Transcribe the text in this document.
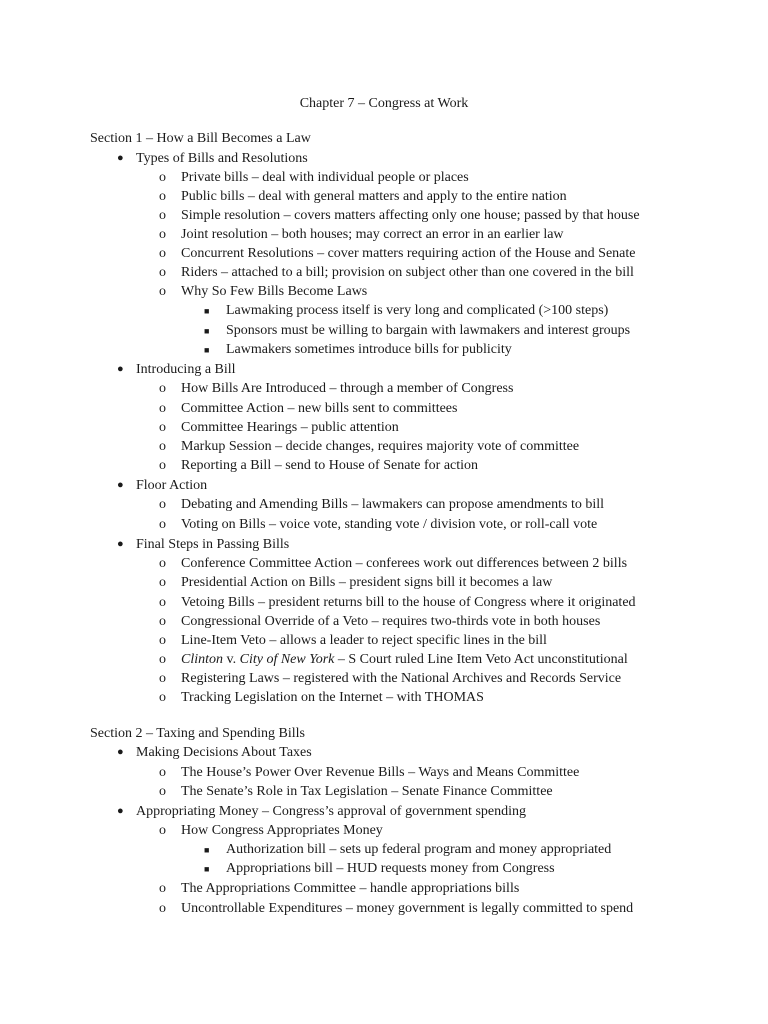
Chapter 7 – Congress at Work
Section 1 – How a Bill Becomes a Law
● Types of Bills and Resolutions
o Private bills – deal with individual people or places
o Public bills – deal with general matters and apply to the entire nation
o Simple resolution – covers matters affecting only one house; passed by that house
o Joint resolution – both houses; may correct an error in an earlier law
o Concurrent Resolutions – cover matters requiring action of the House and Senate
o Riders – attached to a bill; provision on subject other than one covered in the bill
o Why So Few Bills Become Laws
■ Lawmaking process itself is very long and complicated (>100 steps)
■ Sponsors must be willing to bargain with lawmakers and interest groups
■ Lawmakers sometimes introduce bills for publicity
● Introducing a Bill
o How Bills Are Introduced – through a member of Congress
o Committee Action – new bills sent to committees
o Committee Hearings – public attention
o Markup Session – decide changes, requires majority vote of committee
o Reporting a Bill – send to House of Senate for action
● Floor Action
o Debating and Amending Bills – lawmakers can propose amendments to bill
o Voting on Bills – voice vote, standing vote / division vote, or roll-call vote
● Final Steps in Passing Bills
o Conference Committee Action – conferees work out differences between 2 bills
o Presidential Action on Bills – president signs bill it becomes a law
o Vetoing Bills – president returns bill to the house of Congress where it originated
o Congressional Override of a Veto – requires two-thirds vote in both houses
o Line-Item Veto – allows a leader to reject specific lines in the bill
o Clinton v. City of New York – S Court ruled Line Item Veto Act unconstitutional
o Registering Laws – registered with the National Archives and Records Service
o Tracking Legislation on the Internet – with THOMAS
Section 2 – Taxing and Spending Bills
● Making Decisions About Taxes
o The House’s Power Over Revenue Bills – Ways and Means Committee
o The Senate’s Role in Tax Legislation – Senate Finance Committee
● Appropriating Money – Congress’s approval of government spending
o How Congress Appropriates Money
■ Authorization bill – sets up federal program and money appropriated
■ Appropriations bill – HUD requests money from Congress
o The Appropriations Committee – handle appropriations bills
o Uncontrollable Expenditures – money government is legally committed to spend
